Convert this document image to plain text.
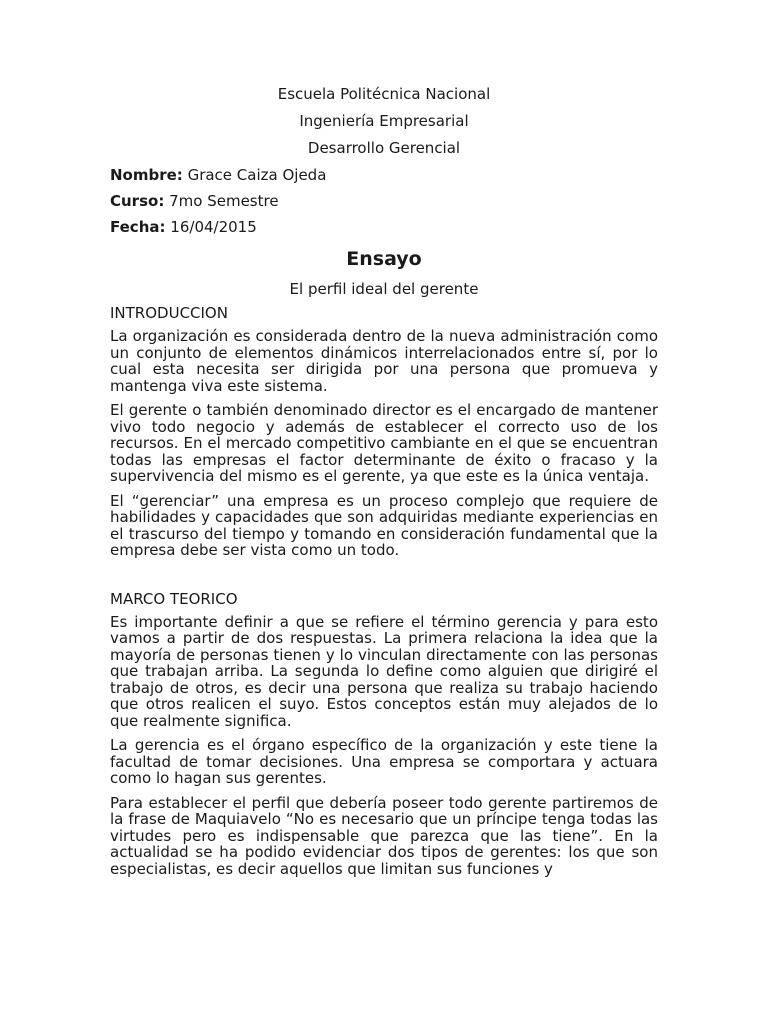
Escuela Politécnica Nacional

Ingeniería Empresarial

Desarrollo Gerencial

Nombre: Grace Caiza Ojeda

Curso: 7mo Semestre

Fecha: 16/04/2015

Ensayo
El perfil ideal del gerente
INTRODUCCION

La organización es considerada dentro de la nueva administración como un conjunto de elementos dinámicos interrelacionados entre sí, por lo cual esta necesita ser dirigida por una persona que promueva y mantenga viva este sistema.

El gerente o también denominado director es el encargado de mantener vivo todo negocio y además de establecer el correcto uso de los recursos. En el mercado competitivo cambiante en el que se encuentran todas las empresas el factor determinante de éxito o fracaso y la supervivencia del mismo es el gerente, ya que este es la única ventaja.

El “gerenciar” una empresa es un proceso complejo que requiere de habilidades y capacidades que son adquiridas mediante experiencias en el trascurso del tiempo y tomando en consideración fundamental que la empresa debe ser vista como un todo.

MARCO TEORICO

Es importante definir a que se refiere el término gerencia y para esto vamos a partir de dos respuestas. La primera relaciona la idea que la mayoría de personas tienen y lo vinculan directamente con las personas que trabajan arriba. La segunda lo define como alguien que dirigiré el trabajo de otros, es decir una persona que realiza su trabajo haciendo que otros realicen el suyo. Estos conceptos están muy alejados de lo que realmente significa.

La gerencia es el órgano específico de la organización y este tiene la facultad de tomar decisiones. Una empresa se comportara y actuara como lo hagan sus gerentes.

Para establecer el perfil que debería poseer todo gerente partiremos de la frase de Maquiavelo “No es necesario que un príncipe tenga todas las virtudes pero es indispensable que parezca que las tiene”. En la actualidad se ha podido evidenciar dos tipos de gerentes: los que son especialistas, es decir aquellos que limitan sus funciones y
